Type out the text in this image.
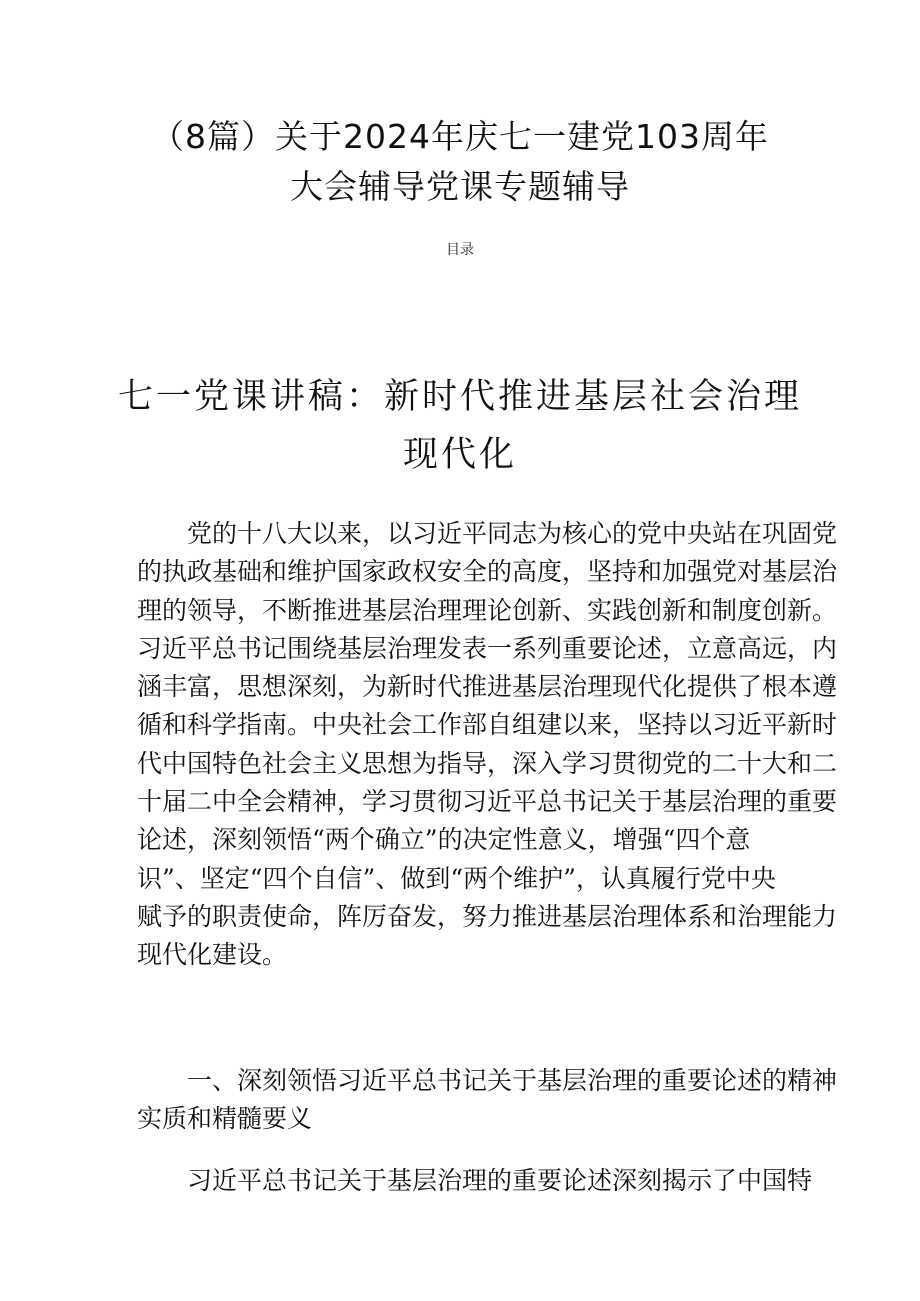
（8篇）关于2024年庆七一建党103周年
大会辅导党课专题辅导
目录
七一党课讲稿：新时代推进基层社会治理
现代化
党的十八大以来，以习近平同志为核心的党中央站在巩固党
的执政基础和维护国家政权安全的高度，坚持和加强党对基层治
理的领导，不断推进基层治理理论创新、实践创新和制度创新。
习近平总书记围绕基层治理发表一系列重要论述，立意高远，内
涵丰富，思想深刻，为新时代推进基层治理现代化提供了根本遵
循和科学指南。中央社会工作部自组建以来，坚持以习近平新时
代中国特色社会主义思想为指导，深入学习贯彻党的二十大和二
十届二中全会精神，学习贯彻习近平总书记关于基层治理的重要
论述，深刻领悟“两个确立”的决定性意义，增强“四个意
识”、坚定“四个自信”、做到“两个维护”，认真履行党中央
赋予的职责使命，阵厉奋发，努力推进基层治理体系和治理能力
现代化建设。
一、深刻领悟习近平总书记关于基层治理的重要论述的精神
实质和精髓要义
习近平总书记关于基层治理的重要论述深刻揭示了中国特
